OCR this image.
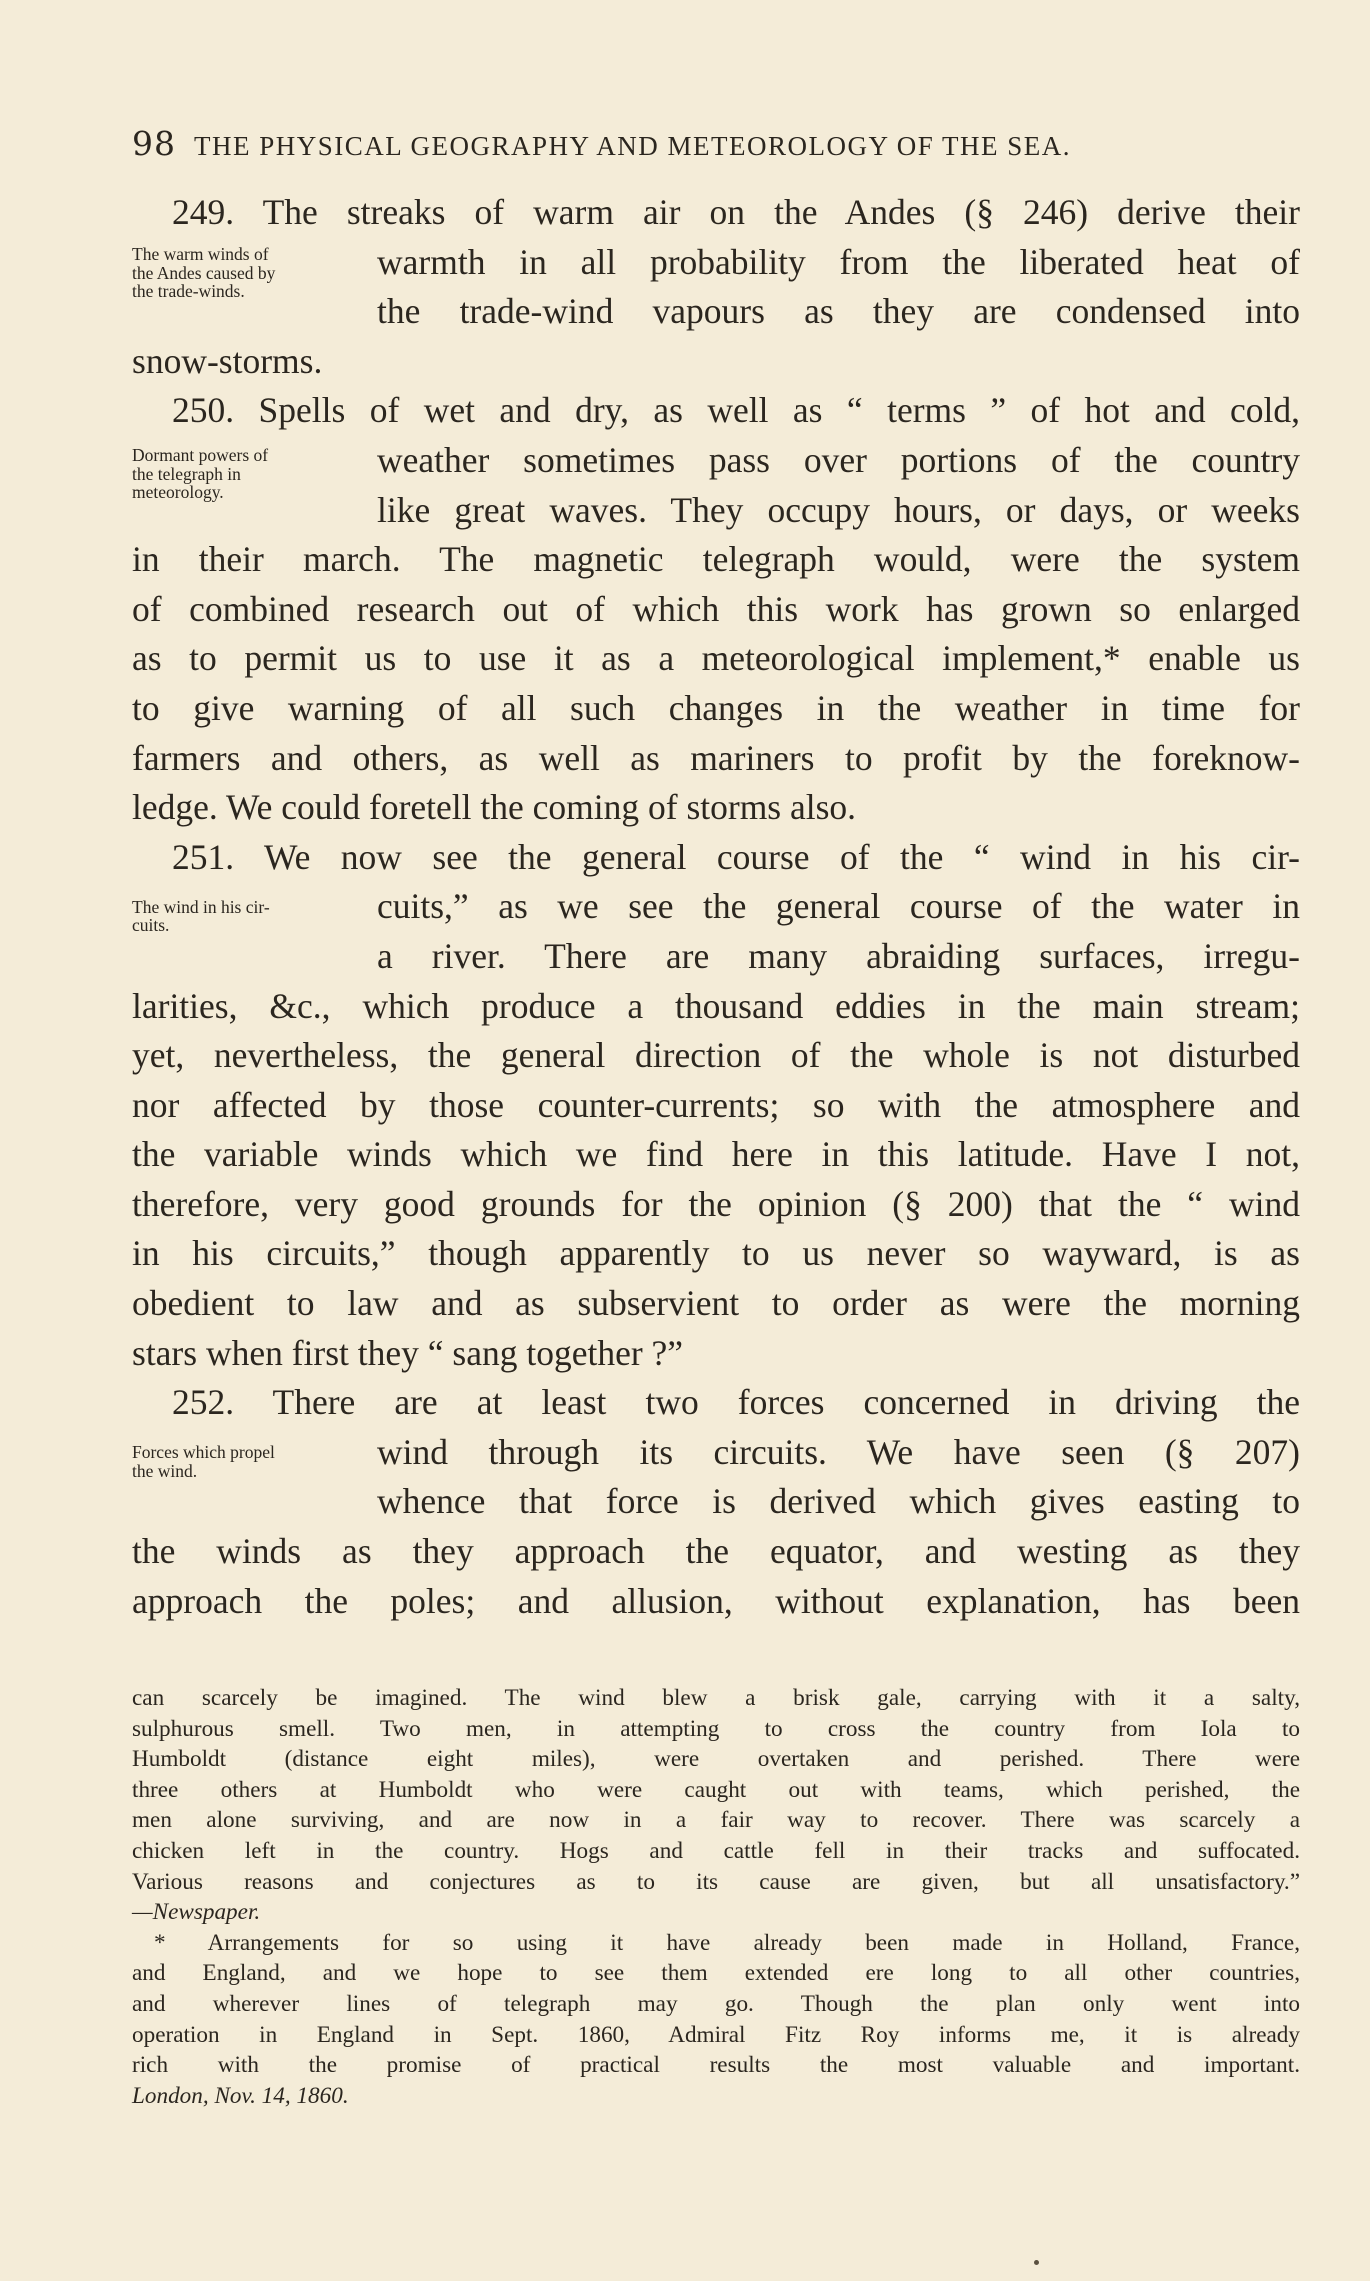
98 THE PHYSICAL GEOGRAPHY AND METEOROLOGY OF THE SEA.
The warm winds of
the Andes caused by
the trade-winds.
249. The streaks of warm air on the Andes (§ 246) derive their
warmth in all probability from the liberated heat of
the trade-wind vapours as they are condensed into
snow-storms.
Dormant powers of
the telegraph in
meteorology.
250. Spells of wet and dry, as well as “ terms ” of hot and cold,
weather sometimes pass over portions of the country
like great waves. They occupy hours, or days, or weeks
in their march. The magnetic telegraph would, were the system
of combined research out of which this work has grown so enlarged
as to permit us to use it as a meteorological implement,* enable us
to give warning of all such changes in the weather in time for
farmers and others, as well as mariners to profit by the foreknow-
ledge. We could foretell the coming of storms also.
The wind in his cir-
cuits.
251. We now see the general course of the “ wind in his cir-
cuits,” as we see the general course of the water in
a river. There are many abraiding surfaces, irregu-
larities, &c., which produce a thousand eddies in the main stream;
yet, nevertheless, the general direction of the whole is not disturbed
nor affected by those counter-currents; so with the atmosphere and
the variable winds which we find here in this latitude. Have I not,
therefore, very good grounds for the opinion (§ 200) that the “ wind
in his circuits,” though apparently to us never so wayward, is as
obedient to law and as subservient to order as were the morning
stars when first they “ sang together ?”
Forces which propel
the wind.
252. There are at least two forces concerned in driving the
wind through its circuits. We have seen (§ 207)
whence that force is derived which gives easting to
the winds as they approach the equator, and westing as they
approach the poles; and allusion, without explanation, has been
can scarcely be imagined. The wind blew a brisk gale, carrying with it a salty,
sulphurous smell. Two men, in attempting to cross the country from Iola to
Humboldt (distance eight miles), were overtaken and perished. There were
three others at Humboldt who were caught out with teams, which perished, the
men alone surviving, and are now in a fair way to recover. There was scarcely a
chicken left in the country. Hogs and cattle fell in their tracks and suffocated.
Various reasons and conjectures as to its cause are given, but all unsatisfactory.”
—Newspaper.
* Arrangements for so using it have already been made in Holland, France,
and England, and we hope to see them extended ere long to all other countries,
and wherever lines of telegraph may go. Though the plan only went into
operation in England in Sept. 1860, Admiral Fitz Roy informs me, it is already
rich with the promise of practical results the most valuable and important.
London, Nov. 14, 1860.
